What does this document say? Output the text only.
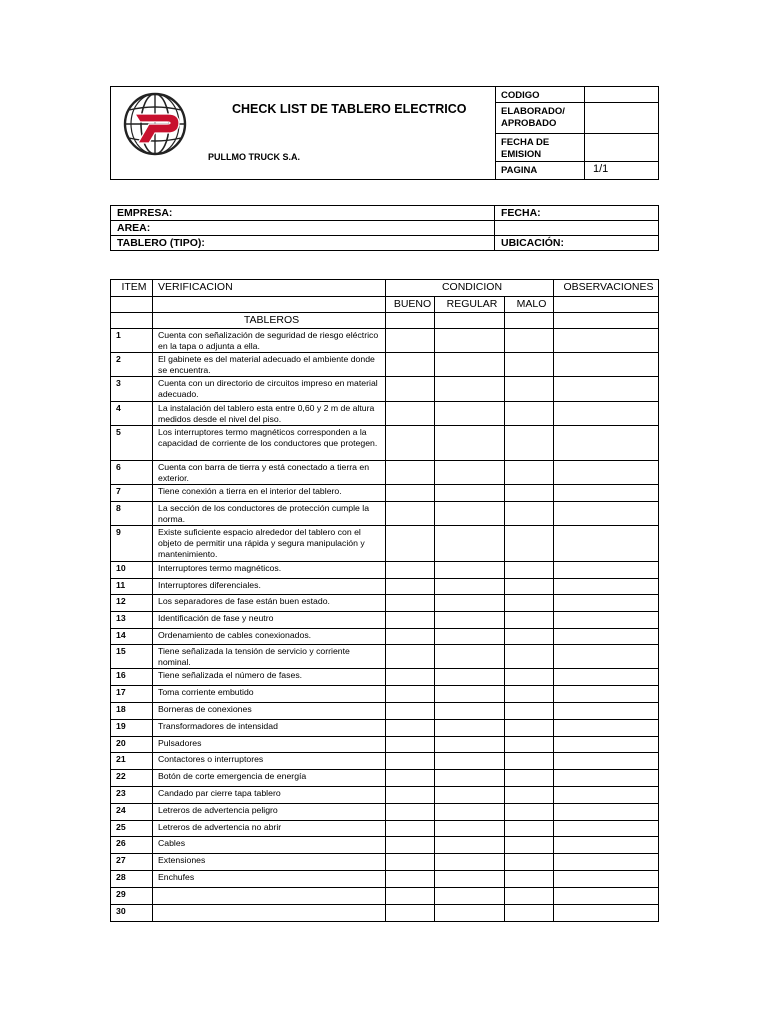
CHECK LIST DE TABLERO ELECTRICO
PULLMO TRUCK S.A.	CODIGO	
	ELABORADO/ APROBADO	
	FECHA DE EMISION	
	PAGINA	1/1
EMPRESA:	FECHA:
AREA:	
TABLERO (TIPO):	UBICACIÓN:
ITEM	VERIFICACION	CONDICION			OBSERVACIONES
		BUENO	REGULAR	MALO	
	TABLEROS				
1	Cuenta con señalización de seguridad de riesgo eléctrico en la tapa o adjunta a ella.				
2	El gabinete es del material adecuado el ambiente donde se encuentra.				
3	Cuenta con un directorio de circuitos impreso en material adecuado.				
4	La instalación del tablero esta entre 0,60 y 2 m de altura medidos desde el nivel del piso.				
5	Los interruptores termo magnéticos corresponden a la capacidad de corriente de los conductores que protegen.				
6	Cuenta con barra de tierra y está conectado a tierra en exterior.				
7	Tiene conexión a tierra en el interior del tablero.				
8	La sección de los conductores de protección cumple la norma.				
9	Existe suficiente espacio alrededor del tablero con el objeto de permitir una rápida y segura manipulación y mantenimiento.				
10	Interruptores termo magnéticos.				
11	Interruptores diferenciales.				
12	Los separadores de fase están buen estado.				
13	Identificación de fase y neutro				
14	Ordenamiento de cables conexionados.				
15	Tiene señalizada la tensión de servicio y corriente nominal.				
16	Tiene señalizada el número de fases.				
17	Toma corriente embutido				
18	Borneras de conexiones				
19	Transformadores de intensidad				
20	Pulsadores				
21	Contactores o interruptores				
22	Botón de corte emergencia de energía				
23	Candado par cierre tapa tablero				
24	Letreros de advertencia peligro				
25	Letreros de advertencia no abrir				
26	Cables				
27	Extensiones				
28	Enchufes				
29					
30					
